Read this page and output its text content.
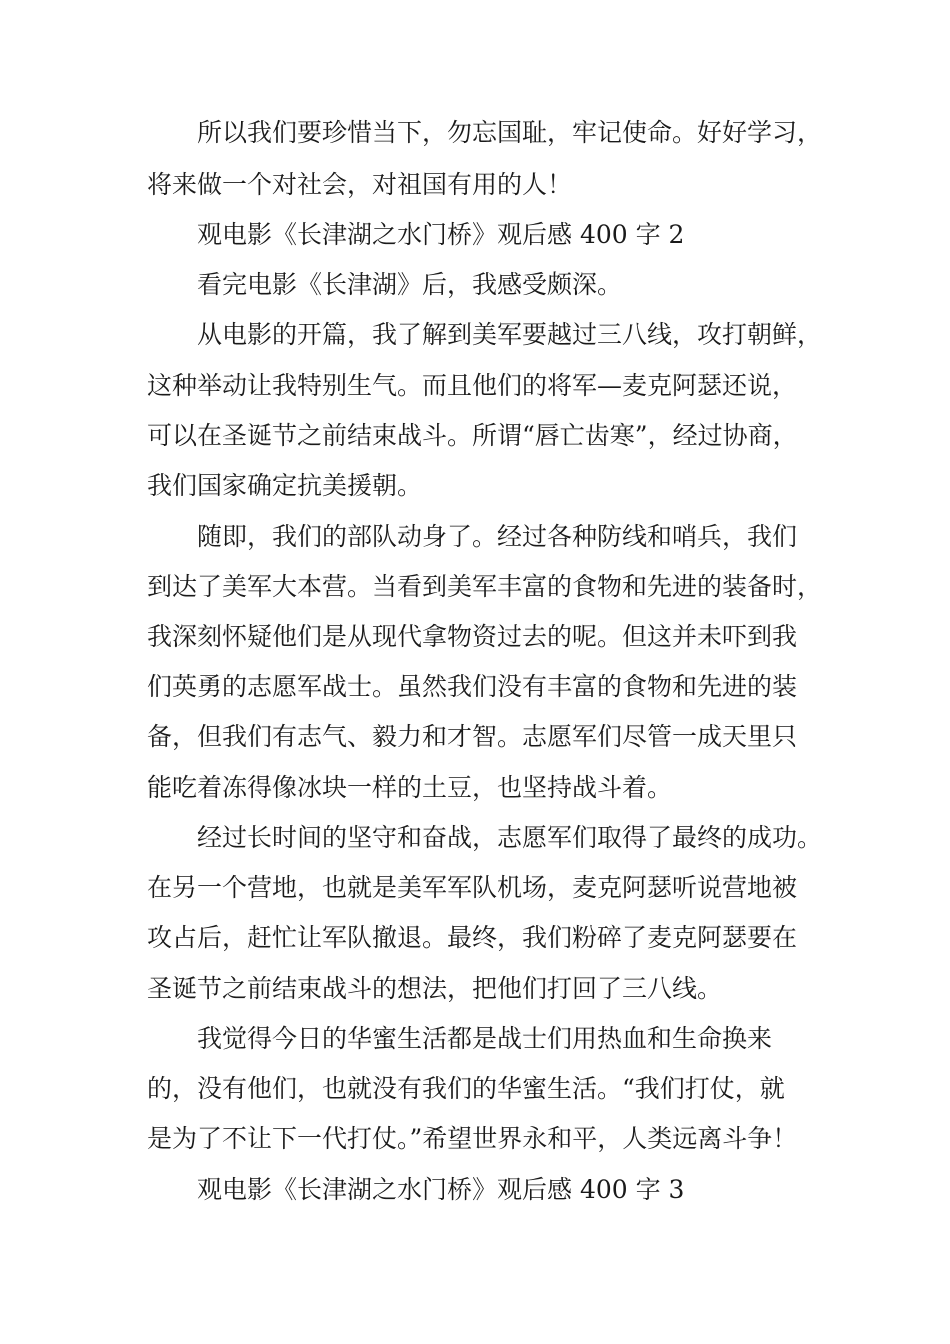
所以我们要珍惜当下，勿忘国耻，牢记使命。好好学习，

将来做一个对社会，对祖国有用的人！

观电影《长津湖之水门桥》观后感 400 字 2

看完电影《长津湖》后，我感受颇深。

从电影的开篇，我了解到美军要越过三八线，攻打朝鲜，

这种举动让我特别生气。而且他们的将军—麦克阿瑟还说，

可以在圣诞节之前结束战斗。所谓“唇亡齿寒”，经过协商，

我们国家确定抗美援朝。

随即，我们的部队动身了。经过各种防线和哨兵，我们

到达了美军大本营。当看到美军丰富的食物和先进的装备时，

我深刻怀疑他们是从现代拿物资过去的呢。但这并未吓到我

们英勇的志愿军战士。虽然我们没有丰富的食物和先进的装

备，但我们有志气、毅力和才智。志愿军们尽管一成天里只

能吃着冻得像冰块一样的土豆，也坚持战斗着。

经过长时间的坚守和奋战，志愿军们取得了最终的成功。

在另一个营地，也就是美军军队机场，麦克阿瑟听说营地被

攻占后，赶忙让军队撤退。最终，我们粉碎了麦克阿瑟要在

圣诞节之前结束战斗的想法，把他们打回了三八线。

我觉得今日的华蜜生活都是战士们用热血和生命换来

的，没有他们，也就没有我们的华蜜生活。“我们打仗，就

是为了不让下一代打仗。”希望世界永和平，人类远离斗争！

观电影《长津湖之水门桥》观后感 400 字 3
